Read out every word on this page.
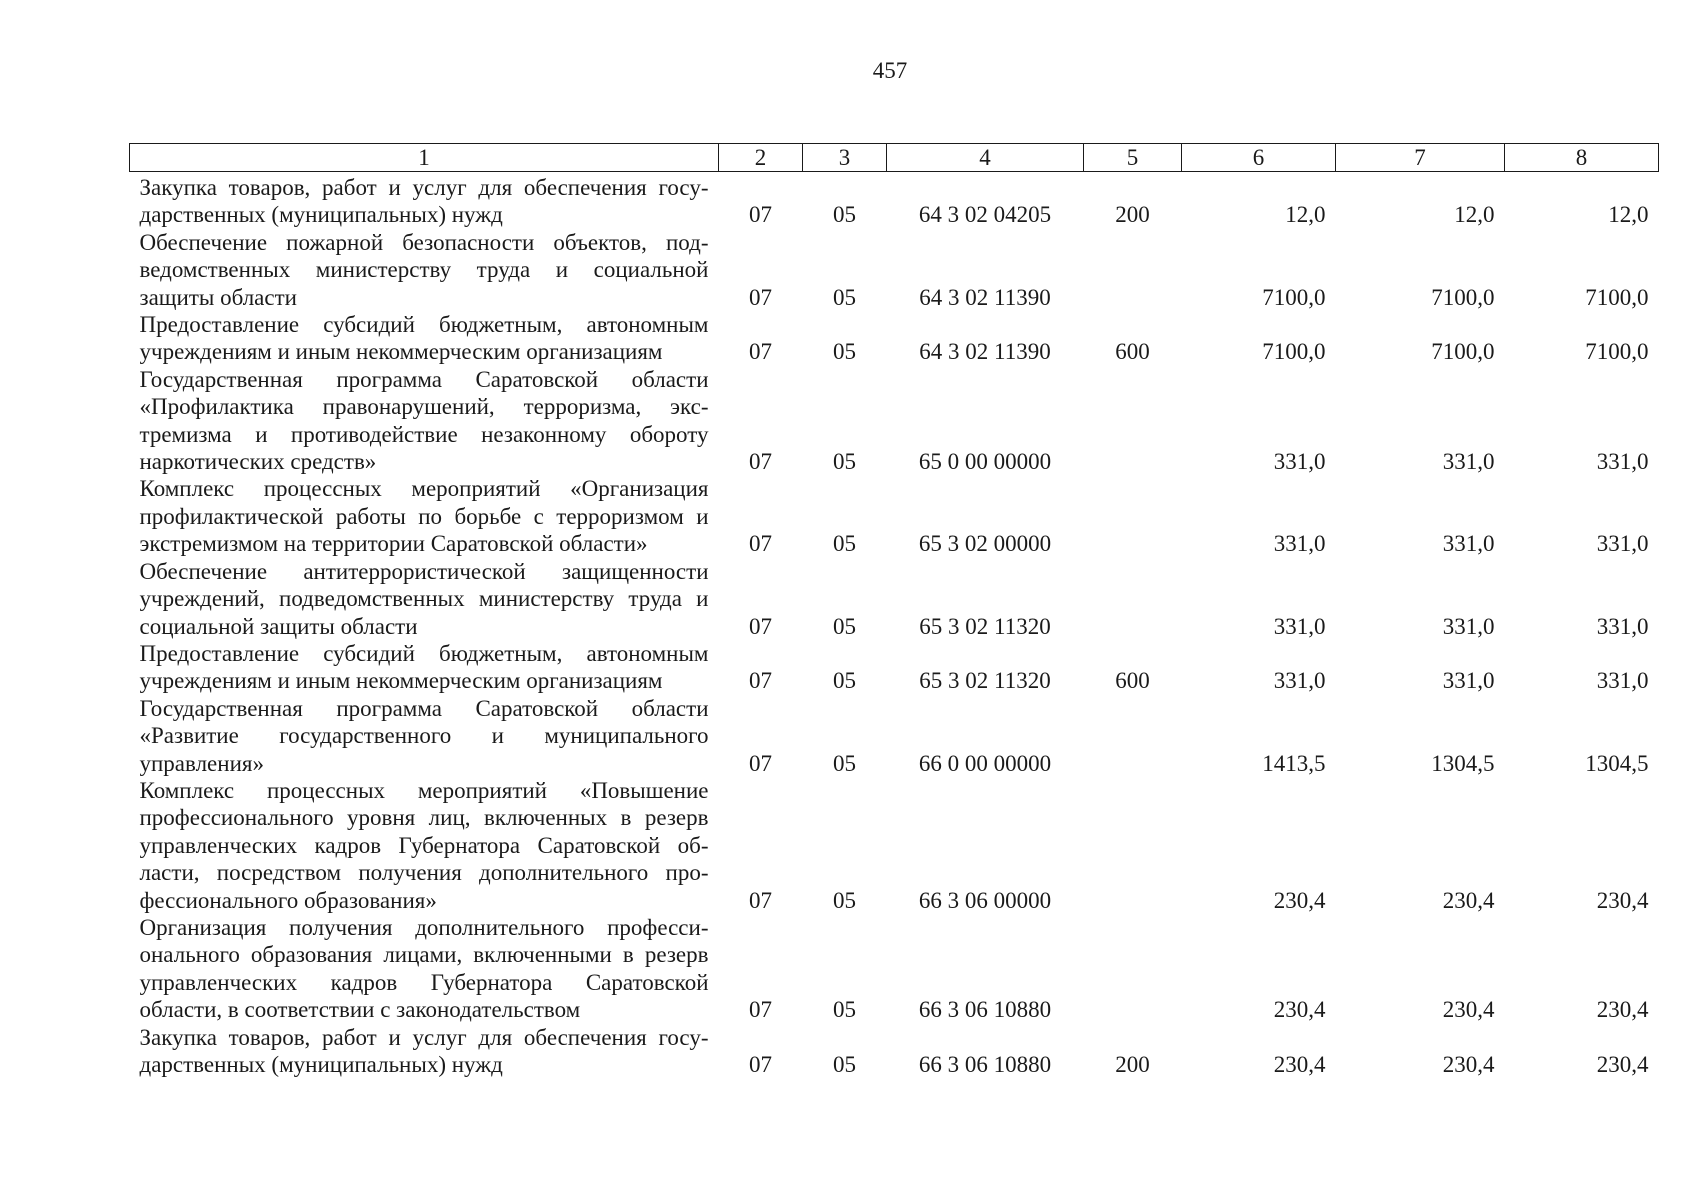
457
1	2	3	4	5	6	7	8
Закупка товаров, работ и услуг для обеспечения государственных (муниципальных) нужд	07	05	64 3 02 04205	200	12,0	12,0	12,0
Обеспечение пожарной безопасности объектов, подведомственных министерству труда и социальной защиты области	07	05	64 3 02 11390		7100,0	7100,0	7100,0
Предоставление субсидий бюджетным, автономным учреждениям и иным некоммерческим организациям	07	05	64 3 02 11390	600	7100,0	7100,0	7100,0
Государственная программа Саратовской области «Профилактика правонарушений, терроризма, экстремизма и противодействие незаконному обороту наркотических средств»	07	05	65 0 00 00000		331,0	331,0	331,0
Комплекс процессных мероприятий «Организация профилактической работы по борьбе с терроризмом и экстремизмом на территории Саратовской области»	07	05	65 3 02 00000		331,0	331,0	331,0
Обеспечение антитеррористической защищенности учреждений, подведомственных министерству труда и социальной защиты области	07	05	65 3 02 11320		331,0	331,0	331,0
Предоставление субсидий бюджетным, автономным учреждениям и иным некоммерческим организациям	07	05	65 3 02 11320	600	331,0	331,0	331,0
Государственная программа Саратовской области «Развитие государственного и муниципального управления»	07	05	66 0 00 00000		1413,5	1304,5	1304,5
Комплекс процессных мероприятий «Повышение профессионального уровня лиц, включенных в резерв управленческих кадров Губернатора Саратовской области, посредством получения дополнительного профессионального образования»	07	05	66 3 06 00000		230,4	230,4	230,4
Организация получения дополнительного профессионального образования лицами, включенными в резерв управленческих кадров Губернатора Саратовской области, в соответствии с законодательством	07	05	66 3 06 10880		230,4	230,4	230,4
Закупка товаров, работ и услуг для обеспечения государственных (муниципальных) нужд	07	05	66 3 06 10880	200	230,4	230,4	230,4
